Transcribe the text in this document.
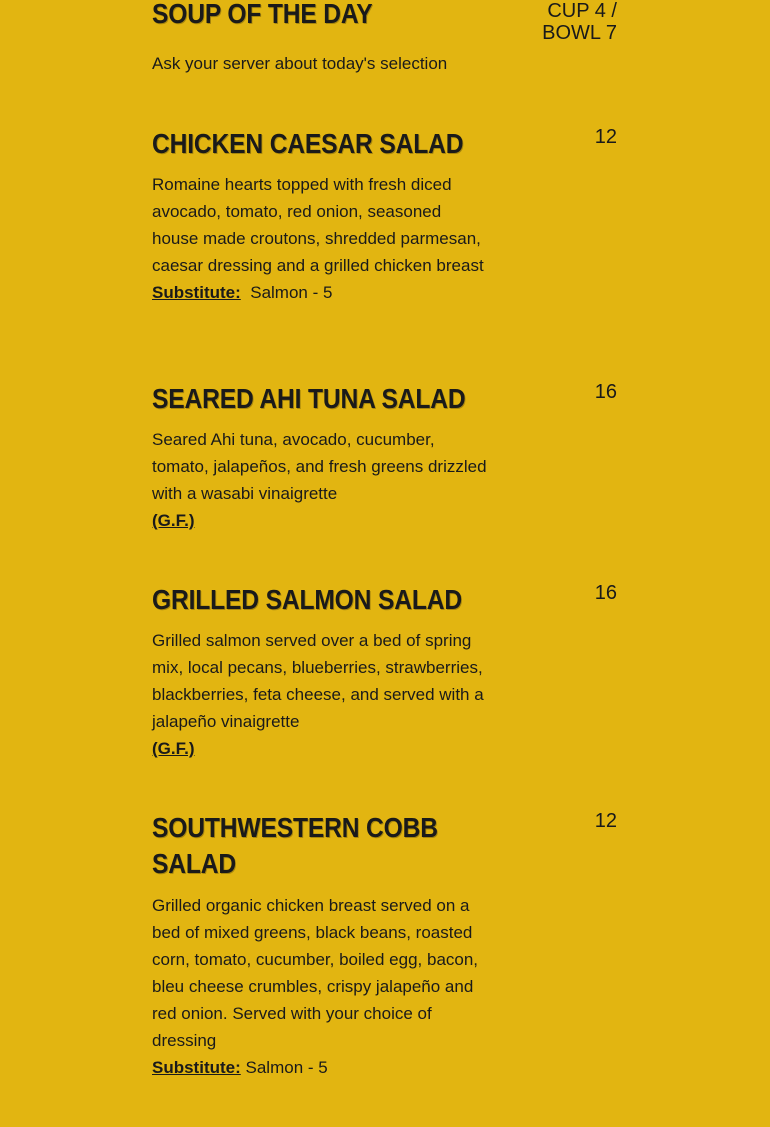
SOUP OF THE DAY	CUP 4 /
BOWL 7

Ask your server about today's selection

CHICKEN CAESAR SALAD	12

Romaine hearts topped with fresh diced avocado, tomato, red onion, seasoned house made croutons, shredded parmesan, caesar dressing and a grilled chicken breast

Substitute: Salmon - 5
SEARED AHI TUNA SALAD	16

Seared Ahi tuna, avocado, cucumber, tomato, jalapeños, and fresh greens drizzled with a wasabi vinaigrette

(G.F.)
GRILLED SALMON SALAD	16

Grilled salmon served over a bed of spring mix, local pecans, blueberries, strawberries, blackberries, feta cheese, and served with a jalapeño vinaigrette

(G.F.)
SOUTHWESTERN COBB SALAD
12

Grilled organic chicken breast served on a bed of mixed greens, black beans, roasted corn, tomato, cucumber, boiled egg, bacon, bleu cheese crumbles, crispy jalapeño and red onion. Served with your choice of dressing

Substitute: Salmon - 5
